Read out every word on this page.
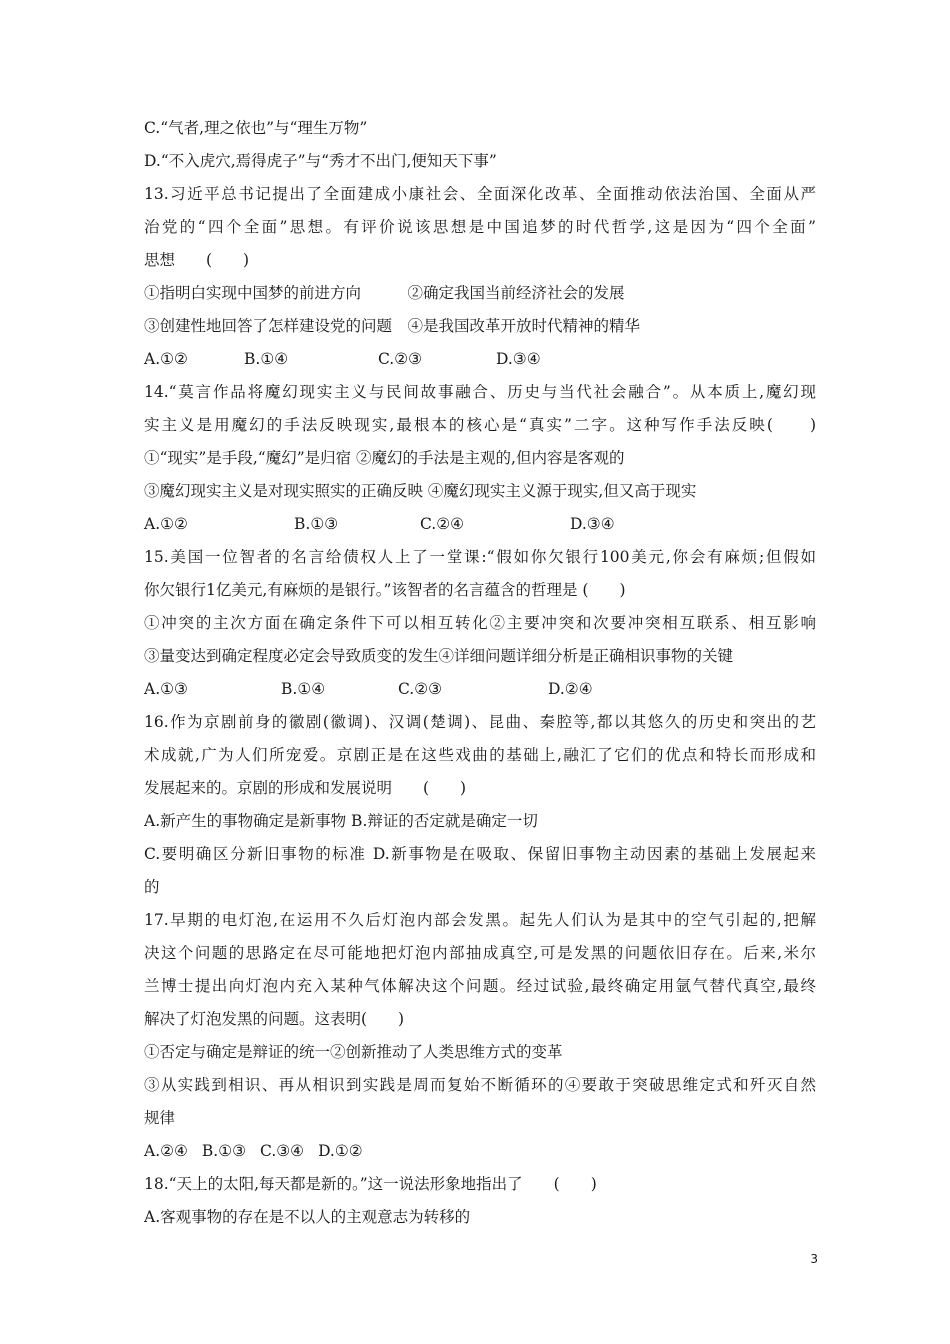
C.“气者,理之依也”与“理生万物”
D.“不入虎穴,焉得虎子”与“秀才不出门,便知天下事”
13.习近平总书记提出了全面建成小康社会、全面深化改革、全面推动依法治国、全面从严
治党的“四个全面”思想。有评价说该思想是中国追梦的时代哲学,这是因为“四个全面”
思想　　(　　)
①指明白实现中国梦的前进方向　　　②确定我国当前经济社会的发展
③创建性地回答了怎样建设党的问题　④是我国改革开放时代精神的精华
A.①②	B.①④	C.②③	D.③④
14.“莫言作品将魔幻现实主义与民间故事融合、历史与当代社会融合”。从本质上,魔幻现
实主义是用魔幻的手法反映现实,最根本的核心是“真实”二字。这种写作手法反映(　　)
①“现实”是手段,“魔幻”是归宿 ②魔幻的手法是主观的,但内容是客观的
③魔幻现实主义是对现实照实的正确反映 ④魔幻现实主义源于现实,但又高于现实
A.①②	B.①③	C.②④	D.③④
15.美国一位智者的名言给债权人上了一堂课:“假如你欠银行100美元,你会有麻烦;但假如
你欠银行1亿美元,有麻烦的是银行。”该智者的名言蕴含的哲理是 (　　)
①冲突的主次方面在确定条件下可以相互转化②主要冲突和次要冲突相互联系、相互影响
③量变达到确定程度必定会导致质变的发生④详细问题详细分析是正确相识事物的关键
A.①③	B.①④	C.②③	D.②④
16.作为京剧前身的徽剧(徽调)、汉调(楚调)、昆曲、秦腔等,都以其悠久的历史和突出的艺
术成就,广为人们所宠爱。京剧正是在这些戏曲的基础上,融汇了它们的优点和特长而形成和
发展起来的。京剧的形成和发展说明　　(　　)
A.新产生的事物确定是新事物 B.辩证的否定就是确定一切
C.要明确区分新旧事物的标准 D.新事物是在吸取、保留旧事物主动因素的基础上发展起来
的
17.早期的电灯泡,在运用不久后灯泡内部会发黑。起先人们认为是其中的空气引起的,把解
决这个问题的思路定在尽可能地把灯泡内部抽成真空,可是发黑的问题依旧存在。后来,米尔
兰博士提出向灯泡内充入某种气体解决这个问题。经过试验,最终确定用氩气替代真空,最终
解决了灯泡发黑的问题。这表明(　　)
①否定与确定是辩证的统一②创新推动了人类思维方式的变革
③从实践到相识、再从相识到实践是周而复始不断循环的④要敢于突破思维定式和歼灭自然
规律
A.②④ B.①③ C.③④ D.①②
18.“天上的太阳,每天都是新的。”这一说法形象地指出了　　(　　)
A.客观事物的存在是不以人的主观意志为转移的
3
